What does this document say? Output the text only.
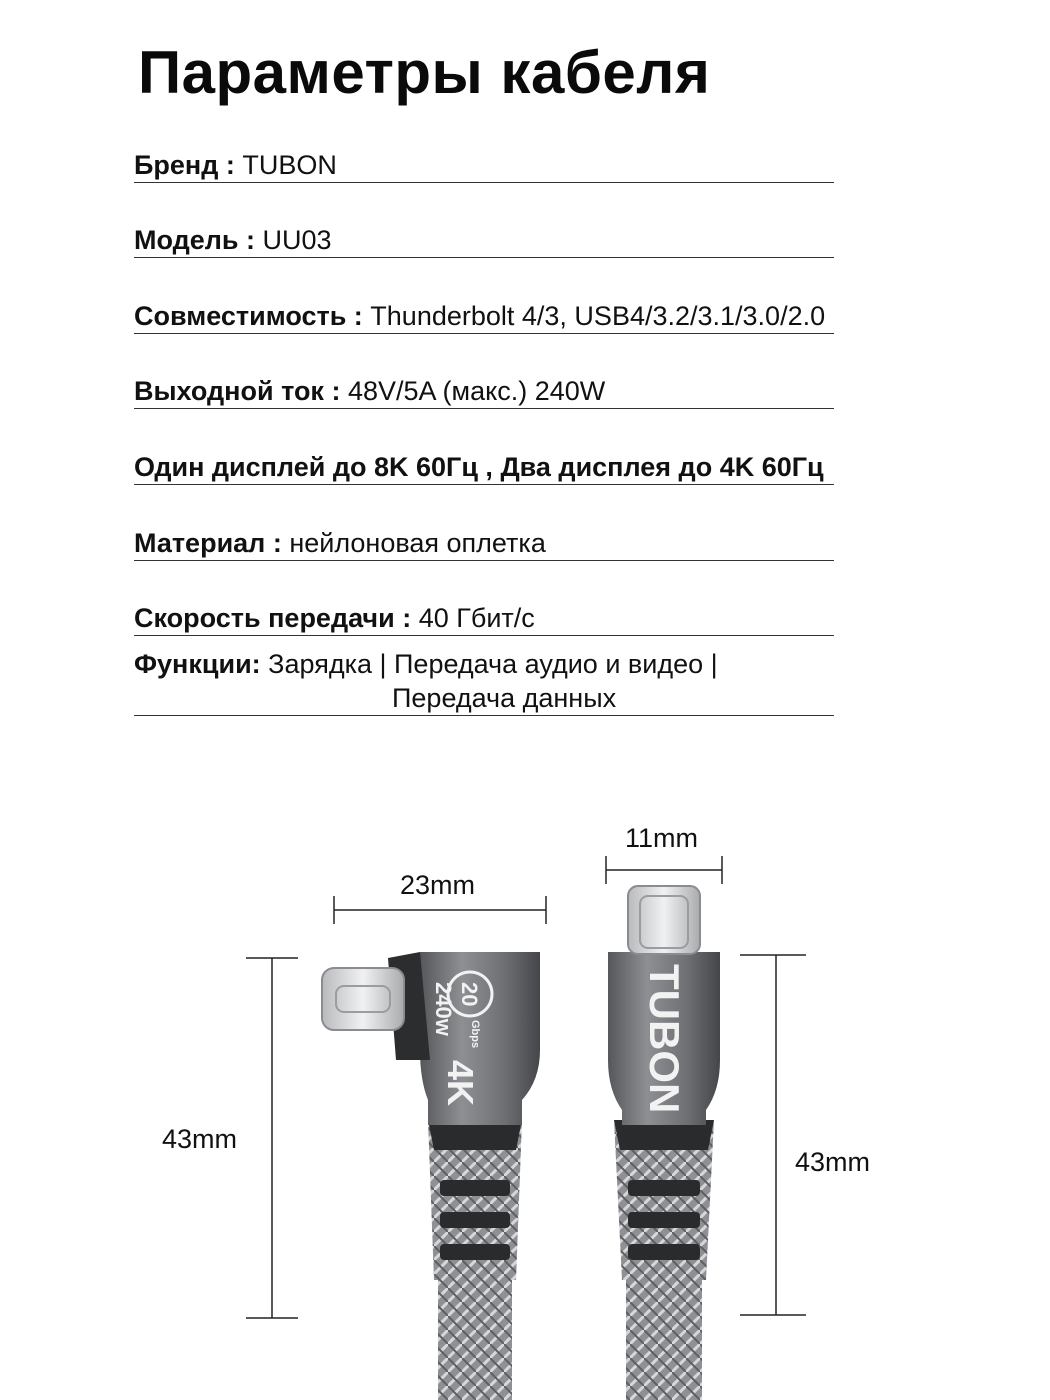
Параметры кабеля
Бренд : TUBON
Модель : UU03
Совместимость : Thunderbolt 4/3, USB4/3.2/3.1/3.0/2.0
Выходной ток : 48V/5A (макс.) 240W
Один дисплей до 8K 60Гц , Два дисплея до 4K 60Гц
Материал : нейлоновая оплетка
Скорость передачи : 40 Гбит/с
Функции: Зарядка | Передача аудио и видео |
Передача данных
23mm
11mm
43mm
43mm
20
Gbps
240w
4K	TUBON
